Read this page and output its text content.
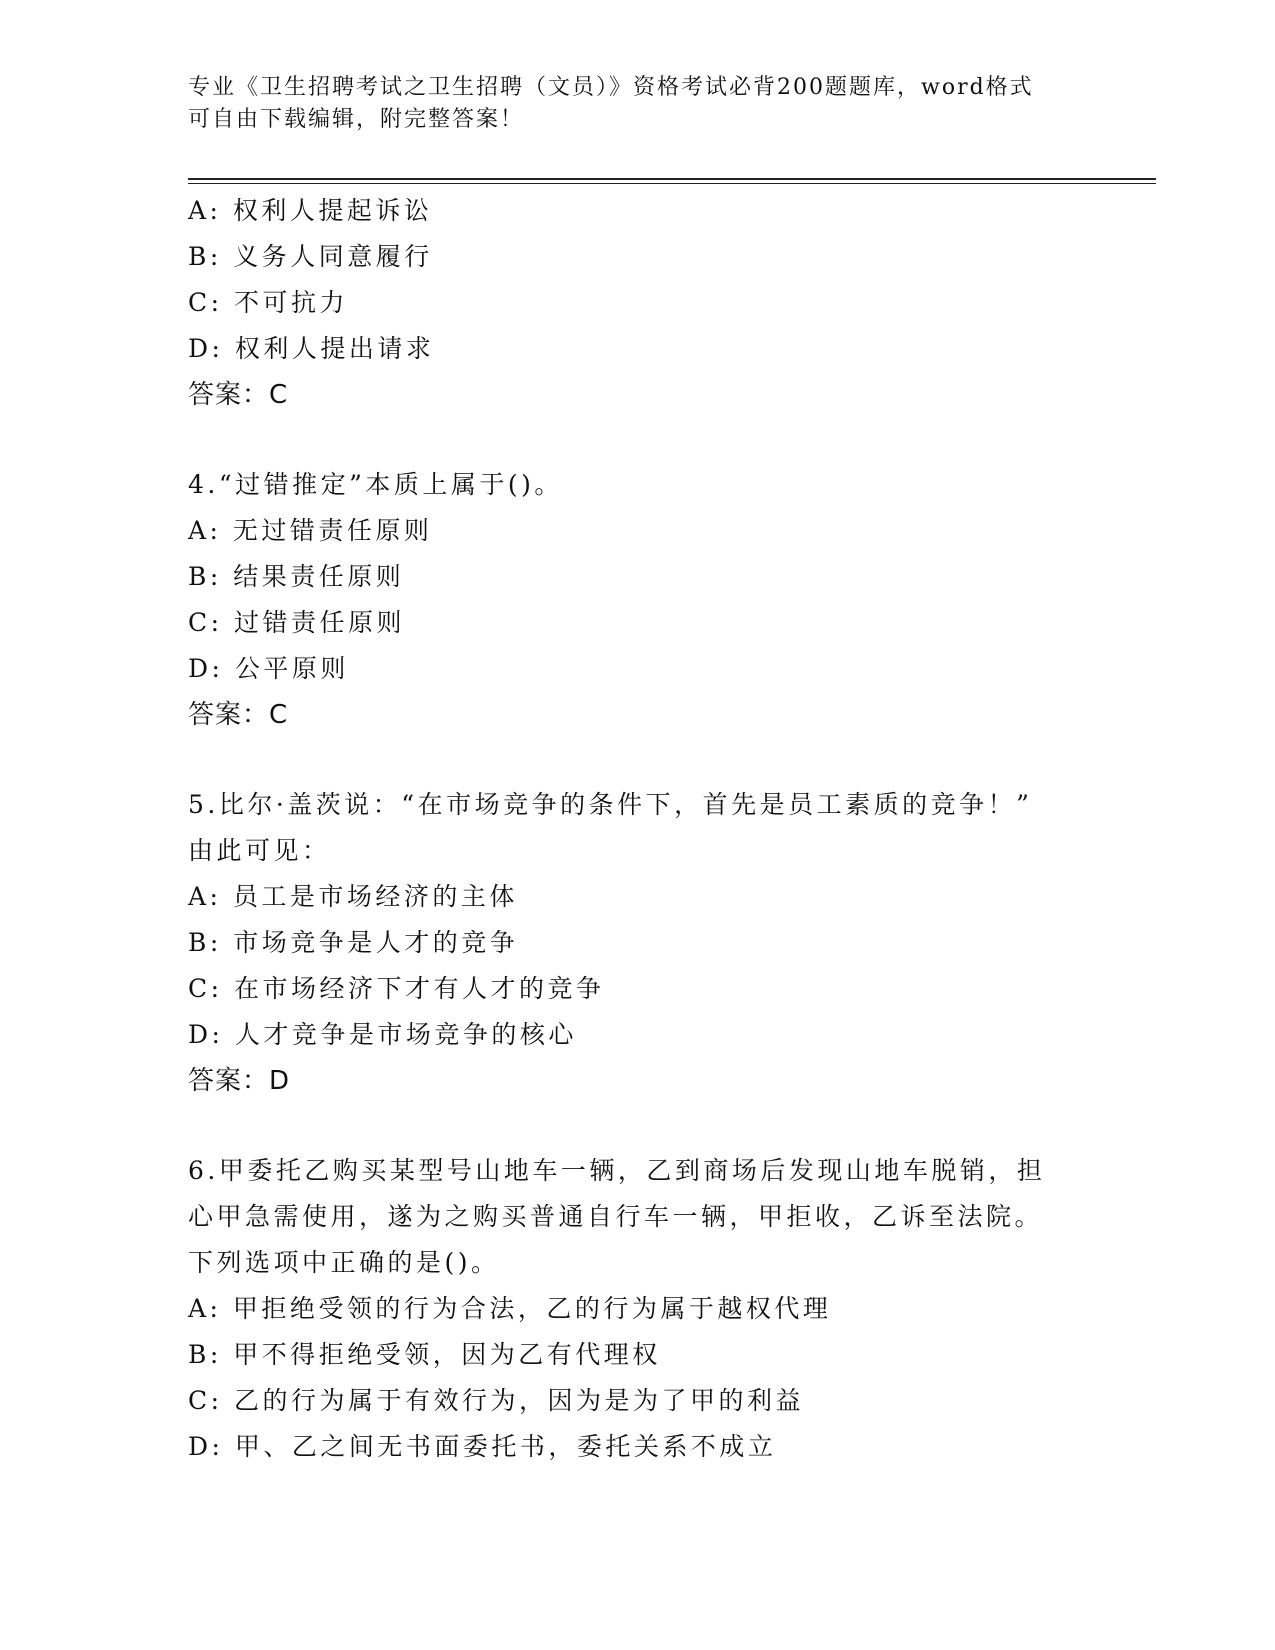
专业《卫生招聘考试之卫生招聘（文员）》资格考试必背200题题库，word格式
可自由下载编辑，附完整答案！
A: 权利人提起诉讼
B: 义务人同意履行
C: 不可抗力
D: 权利人提出请求
答案：C
4.“过错推定”本质上属于()。
A: 无过错责任原则
B: 结果责任原则
C: 过错责任原则
D: 公平原则
答案：C
5.比尔·盖茨说：“在市场竞争的条件下，首先是员工素质的竞争！”
由此可见：
A: 员工是市场经济的主体
B: 市场竞争是人才的竞争
C: 在市场经济下才有人才的竞争
D: 人才竞争是市场竞争的核心
答案：D
6.甲委托乙购买某型号山地车一辆，乙到商场后发现山地车脱销，担
心甲急需使用，遂为之购买普通自行车一辆，甲拒收，乙诉至法院。
下列选项中正确的是()。
A: 甲拒绝受领的行为合法，乙的行为属于越权代理
B: 甲不得拒绝受领，因为乙有代理权
C: 乙的行为属于有效行为，因为是为了甲的利益
D: 甲、乙之间无书面委托书，委托关系不成立
